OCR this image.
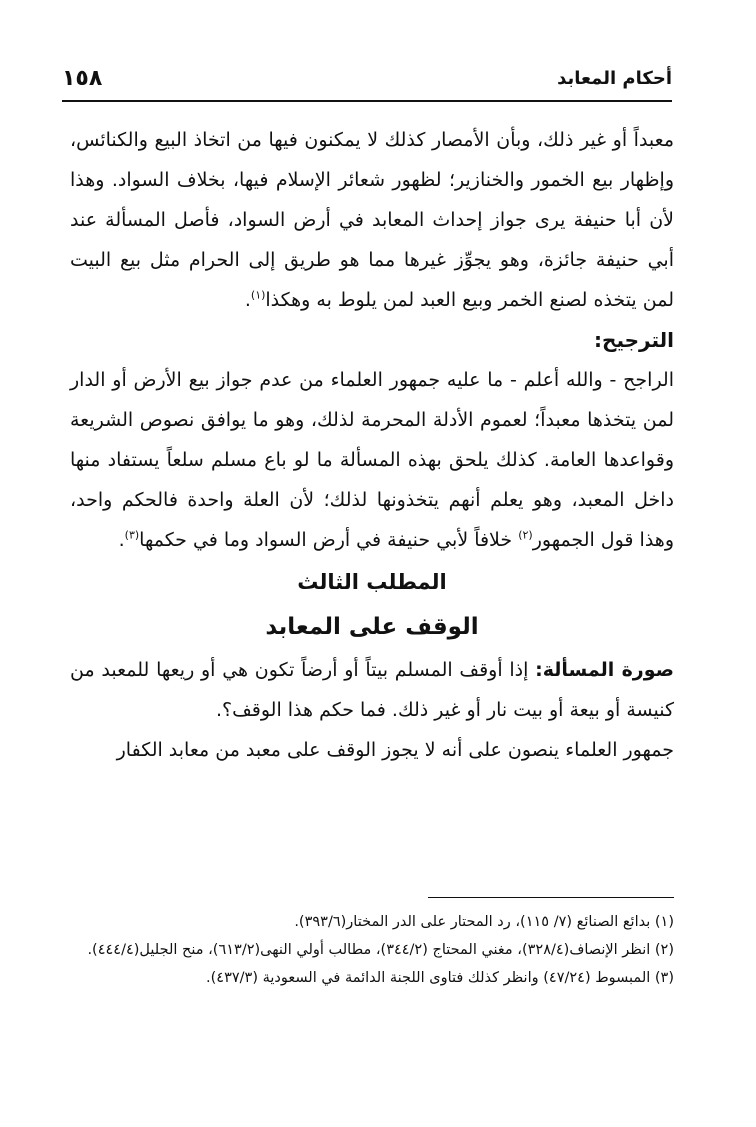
أحكام المعابد
١٥٨

معبداً أو غير ذلك، وبأن الأمصار كذلك لا يمكنون فيها من اتخاذ البيع والكنائس، وإظهار بيع الخمور والخنازير؛ لظهور شعائر الإسلام فيها، بخلاف السواد. وهذا لأن أبا حنيفة يرى جواز إحداث المعابد في أرض السواد، فأصل المسألة عند أبي حنيفة جائزة، وهو يجوِّز غيرها مما هو طريق إلى الحرام مثل بيع البيت لمن يتخذه لصنع الخمر وبيع العبد لمن يلوط به وهكذا$^{(١)}$.

الترجيح:

الراجح - والله أعلم - ما عليه جمهور العلماء من عدم جواز بيع الأرض أو الدار لمن يتخذها معبداً؛ لعموم الأدلة المحرمة لذلك، وهو ما يوافق نصوص الشريعة وقواعدها العامة. كذلك يلحق بهذه المسألة ما لو باع مسلم سلعاً يستفاد منها داخل المعبد، وهو يعلم أنهم يتخذونها لذلك؛ لأن العلة واحدة فالحكم واحد، وهذا قول الجمهور$^{(٢)}$ خلافاً لأبي حنيفة في أرض السواد وما في حكمها$^{(٣)}$.

المطلب الثالث

الوقف على المعابد

صورة المسألة: إذا أوقف المسلم بيتاً أو أرضاً تكون هي أو ريعها للمعبد من كنيسة أو بيعة أو بيت نار أو غير ذلك. فما حكم هذا الوقف؟.

جمهور العلماء ينصون على أنه لا يجوز الوقف على معبد من معابد الكفار

(١) بدائع الصنائع (٧/ ١١٥)، رد المحتار على الدر المختار(٣٩٣/٦).

(٢) انظر الإنصاف(٣٢٨/٤)، مغني المحتاج (٣٤٤/٢)، مطالب أولي النهى(٦١٣/٢)، منح الجليل(٤٤٤/٤).

(٣) المبسوط (٤٧/٢٤) وانظر كذلك فتاوى اللجنة الدائمة في السعودية (٤٣٧/٣).
